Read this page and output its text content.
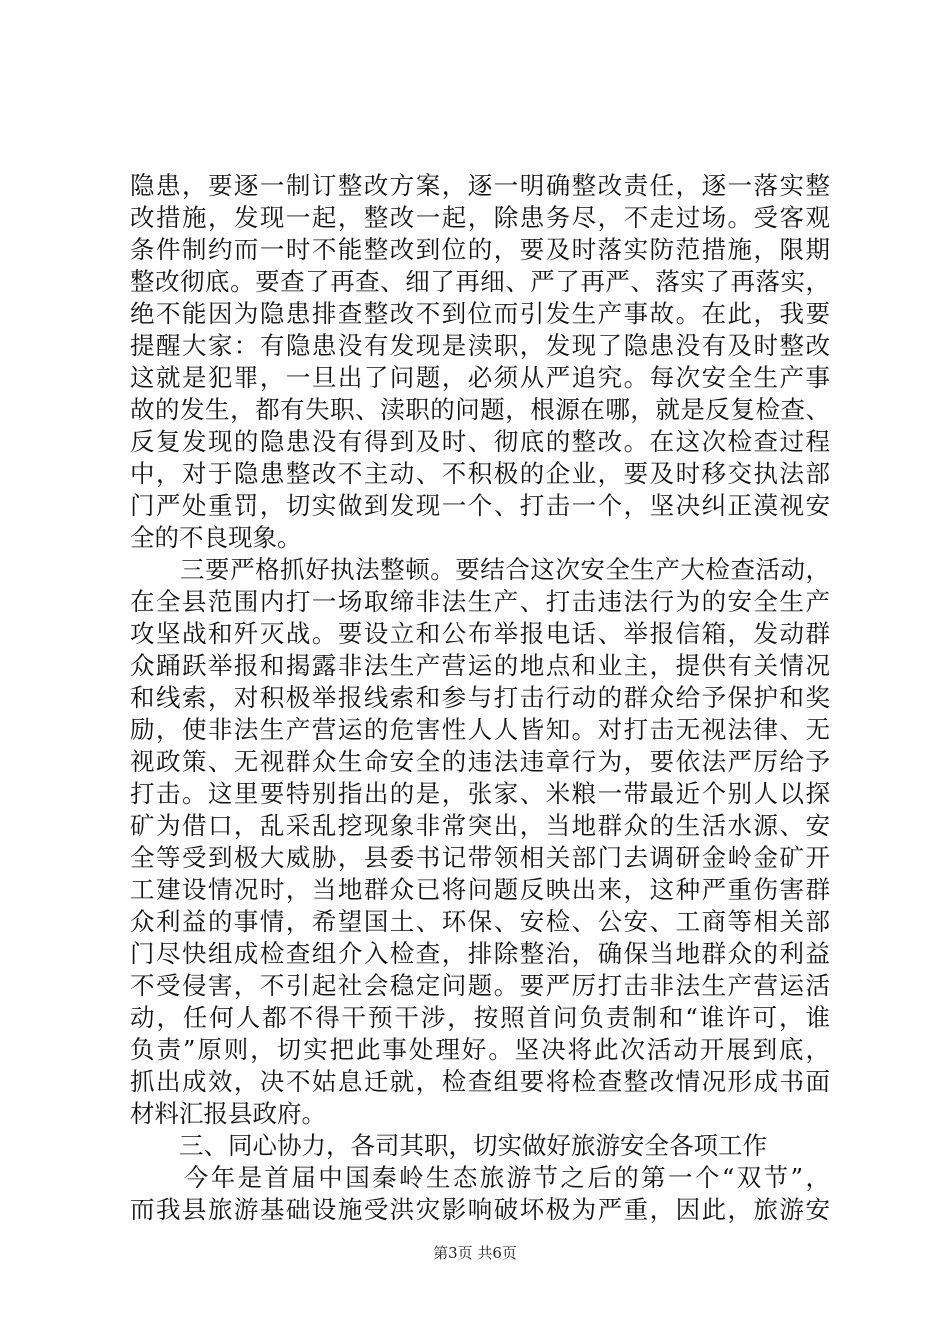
隐患，要逐一制订整改方案，逐一明确整改责任，逐一落实整
改措施，发现一起，整改一起，除患务尽，不走过场。受客观
条件制约而一时不能整改到位的，要及时落实防范措施，限期
整改彻底。要查了再查、细了再细、严了再严、落实了再落实，
绝不能因为隐患排查整改不到位而引发生产事故。在此，我要
提醒大家：有隐患没有发现是渎职，发现了隐患没有及时整改
这就是犯罪，一旦出了问题，必须从严追究。每次安全生产事
故的发生，都有失职、渎职的问题，根源在哪，就是反复检查、
反复发现的隐患没有得到及时、彻底的整改。在这次检查过程
中，对于隐患整改不主动、不积极的企业，要及时移交执法部
门严处重罚，切实做到发现一个、打击一个，坚决纠正漠视安
全的不良现象。
　　三要严格抓好执法整顿。要结合这次安全生产大检查活动，
在全县范围内打一场取缔非法生产、打击违法行为的安全生产
攻坚战和歼灭战。要设立和公布举报电话、举报信箱，发动群
众踊跃举报和揭露非法生产营运的地点和业主，提供有关情况
和线索，对积极举报线索和参与打击行动的群众给予保护和奖
励，使非法生产营运的危害性人人皆知。对打击无视法律、无
视政策、无视群众生命安全的违法违章行为，要依法严厉给予
打击。这里要特别指出的是，张家、米粮一带最近个别人以探
矿为借口，乱采乱挖现象非常突出，当地群众的生活水源、安
全等受到极大威胁，县委书记带领相关部门去调研金岭金矿开
工建设情况时，当地群众已将问题反映出来，这种严重伤害群
众利益的事情，希望国土、环保、安检、公安、工商等相关部
门尽快组成检查组介入检查，排除整治，确保当地群众的利益
不受侵害，不引起社会稳定问题。要严厉打击非法生产营运活
动，任何人都不得干预干涉，按照首问负责制和“谁许可，谁
负责”原则，切实把此事处理好。坚决将此次活动开展到底，
抓出成效，决不姑息迁就，检查组要将检查整改情况形成书面
材料汇报县政府。
　　三、同心协力，各司其职，切实做好旅游安全各项工作
　　今年是首届中国秦岭生态旅游节之后的第一个“双节”，
而我县旅游基础设施受洪灾影响破坏极为严重，因此，旅游安
第3页 共6页
